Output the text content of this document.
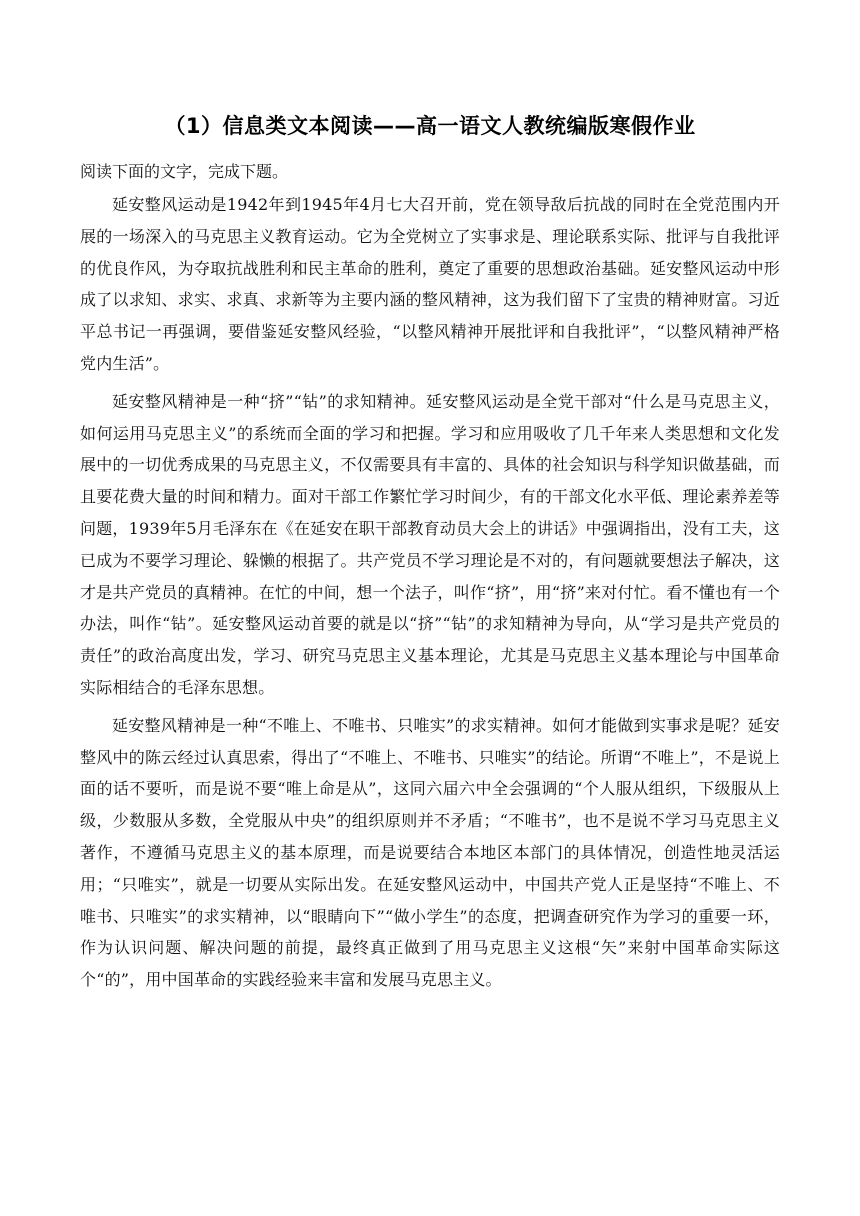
（1）信息类文本阅读——高一语文人教统编版寒假作业

阅读下面的文字，完成下题。

延安整风运动是1942年到1945年4月七大召开前，党在领导敌后抗战的同时在全党范围内开展的一场深入的马克思主义教育运动。它为全党树立了实事求是、理论联系实际、批评与自我批评的优良作风，为夺取抗战胜利和民主革命的胜利，奠定了重要的思想政治基础。延安整风运动中形成了以求知、求实、求真、求新等为主要内涵的整风精神，这为我们留下了宝贵的精神财富。习近平总书记一再强调，要借鉴延安整风经验，“以整风精神开展批评和自我批评”，“以整风精神严格党内生活”。

延安整风精神是一种“挤”“钻”的求知精神。延安整风运动是全党干部对“什么是马克思主义，如何运用马克思主义”的系统而全面的学习和把握。学习和应用吸收了几千年来人类思想和文化发展中的一切优秀成果的马克思主义，不仅需要具有丰富的、具体的社会知识与科学知识做基础，而且要花费大量的时间和精力。面对干部工作繁忙学习时间少，有的干部文化水平低、理论素养差等问题，1939年5月毛泽东在《在延安在职干部教育动员大会上的讲话》中强调指出，没有工夫，这已成为不要学习理论、躲懒的根据了。共产党员不学习理论是不对的，有问题就要想法子解决，这才是共产党员的真精神。在忙的中间，想一个法子，叫作“挤”，用“挤”来对付忙。看不懂也有一个办法，叫作“钻”。延安整风运动首要的就是以“挤”“钻”的求知精神为导向，从“学习是共产党员的责任”的政治高度出发，学习、研究马克思主义基本理论，尤其是马克思主义基本理论与中国革命实际相结合的毛泽东思想。

延安整风精神是一种“不唯上、不唯书、只唯实”的求实精神。如何才能做到实事求是呢？延安整风中的陈云经过认真思索，得出了“不唯上、不唯书、只唯实”的结论。所谓“不唯上”，不是说上面的话不要听，而是说不要“唯上命是从”，这同六届六中全会强调的“个人服从组织，下级服从上级，少数服从多数，全党服从中央”的组织原则并不矛盾；“不唯书”，也不是说不学习马克思主义著作，不遵循马克思主义的基本原理，而是说要结合本地区本部门的具体情况，创造性地灵活运用；“只唯实”，就是一切要从实际出发。在延安整风运动中，中国共产党人正是坚持“不唯上、不唯书、只唯实”的求实精神，以“眼睛向下”“做小学生”的态度，把调查研究作为学习的重要一环，作为认识问题、解决问题的前提，最终真正做到了用马克思主义这根“矢”来射中国革命实际这个“的”，用中国革命的实践经验来丰富和发展马克思主义。
